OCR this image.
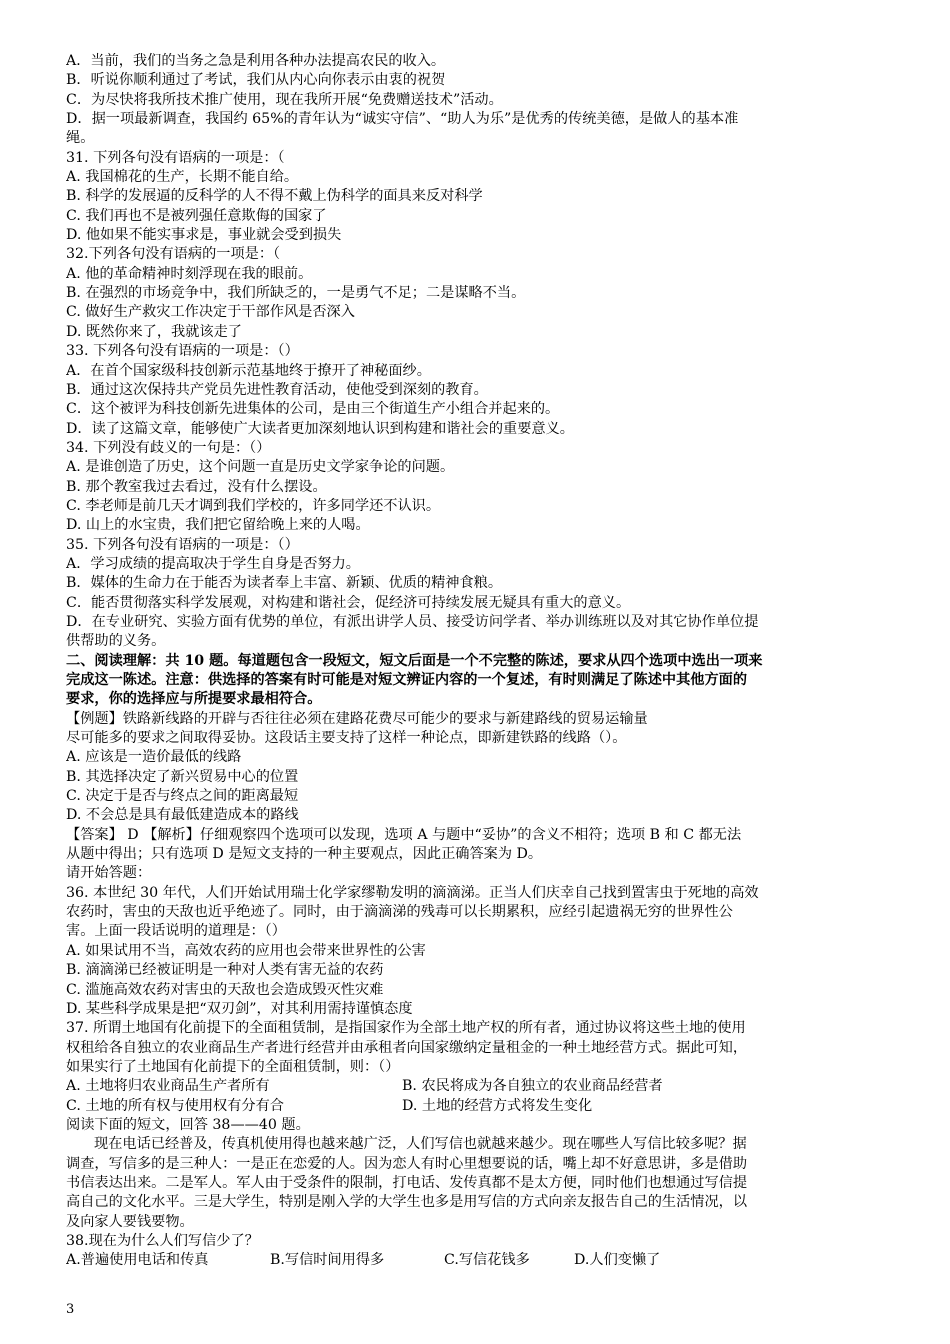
A．当前，我们的当务之急是利用各种办法提高农民的收入。
B．听说你顺利通过了考试，我们从内心向你表示由衷的祝贺
C．为尽快将我所技术推广使用，现在我所开展“免费赠送技术”活动。
D．据一项最新调查，我国约 65%的青年认为“诚实守信”、“助人为乐”是优秀的传统美德，是做人的基本准
绳。
31. 下列各句没有语病的一项是：（
A. 我国棉花的生产，长期不能自给。
B. 科学的发展逼的反科学的人不得不戴上伪科学的面具来反对科学
C. 我们再也不是被列强任意欺侮的国家了
D. 他如果不能实事求是，事业就会受到损失
32.下列各句没有语病的一项是：（
A. 他的革命精神时刻浮现在我的眼前。
B. 在强烈的市场竞争中，我们所缺乏的，一是勇气不足；二是谋略不当。
C. 做好生产救灾工作决定于干部作风是否深入
D. 既然你来了，我就该走了
33. 下列各句没有语病的一项是：（）
A．在首个国家级科技创新示范基地终于撩开了神秘面纱。
B．通过这次保持共产党员先进性教育活动，使他受到深刻的教育。
C．这个被评为科技创新先进集体的公司，是由三个街道生产小组合并起来的。
D．读了这篇文章，能够使广大读者更加深刻地认识到构建和谐社会的重要意义。
34. 下列没有歧义的一句是：（）
A. 是谁创造了历史，这个问题一直是历史文学家争论的问题。
B. 那个教室我过去看过，没有什么摆设。
C. 李老师是前几天才调到我们学校的，许多同学还不认识。
D. 山上的水宝贵，我们把它留给晚上来的人喝。
35. 下列各句没有语病的一项是：（）
A．学习成绩的提高取决于学生自身是否努力。
B．媒体的生命力在于能否为读者奉上丰富、新颖、优质的精神食粮。
C．能否贯彻落实科学发展观，对构建和谐社会，促经济可持续发展无疑具有重大的意义。
D．在专业研究、实验方面有优势的单位，有派出讲学人员、接受访问学者、举办训练班以及对其它协作单位提
供帮助的义务。
二、阅读理解：共 10 题。每道题包含一段短文，短文后面是一个不完整的陈述，要求从四个选项中选出一项来
完成这一陈述。注意：供选择的答案有时可能是对短文辨证内容的一个复述，有时则满足了陈述中其他方面的
要求，你的选择应与所提要求最相符合。
【例题】铁路新线路的开辟与否往往必须在建路花费尽可能少的要求与新建路线的贸易运输量
尽可能多的要求之间取得妥协。这段话主要支持了这样一种论点，即新建铁路的线路（）。
A. 应该是一造价最低的线路
B. 其选择决定了新兴贸易中心的位置
C. 决定于是否与终点之间的距离最短
D. 不会总是具有最低建造成本的路线
【答案】 D 【解析】仔细观察四个选项可以发现，选项 A 与题中“妥协”的含义不相符；选项 B 和 C 都无法
从题中得出；只有选项 D 是短文支持的一种主要观点，因此正确答案为 D。
请开始答题：
36. 本世纪 30 年代，人们开始试用瑞士化学家缪勒发明的滴滴涕。正当人们庆幸自己找到置害虫于死地的高效
农药时，害虫的天敌也近乎绝迹了。同时，由于滴滴涕的残毒可以长期累积，应经引起遗祸无穷的世界性公
害。上面一段话说明的道理是：（）
A. 如果试用不当，高效农药的应用也会带来世界性的公害
B. 滴滴涕已经被证明是一种对人类有害无益的农药
C. 滥施高效农药对害虫的天敌也会造成毁灭性灾难
D. 某些科学成果是把“双刃剑”，对其利用需持谨慎态度
37. 所谓土地国有化前提下的全面租赁制，是指国家作为全部土地产权的所有者，通过协议将这些土地的使用
权租给各自独立的农业商品生产者进行经营并由承租者向国家缴纳定量租金的一种土地经营方式。据此可知，
如果实行了土地国有化前提下的全面租赁制，则：（）
A. 土地将归农业商品生产者所有	B. 农民将成为各自独立的农业商品经营者
C. 土地的所有权与使用权有分有合	D. 土地的经营方式将发生变化
阅读下面的短文，回答 38——40 题。
现在电话已经普及，传真机使用得也越来越广泛，人们写信也就越来越少。现在哪些人写信比较多呢？据
调查，写信多的是三种人：一是正在恋爱的人。因为恋人有时心里想要说的话，嘴上却不好意思讲，多是借助
书信表达出来。二是军人。军人由于受条件的限制，打电话、发传真都不是太方便，同时他们也想通过写信提
高自己的文化水平。三是大学生，特别是刚入学的大学生也多是用写信的方式向亲友报告自己的生活情况，以
及向家人要钱要物。
38.现在为什么人们写信少了？
A.普遍使用电话和传真	B.写信时间用得多	C.写信花钱多	D.人们变懒了
3
